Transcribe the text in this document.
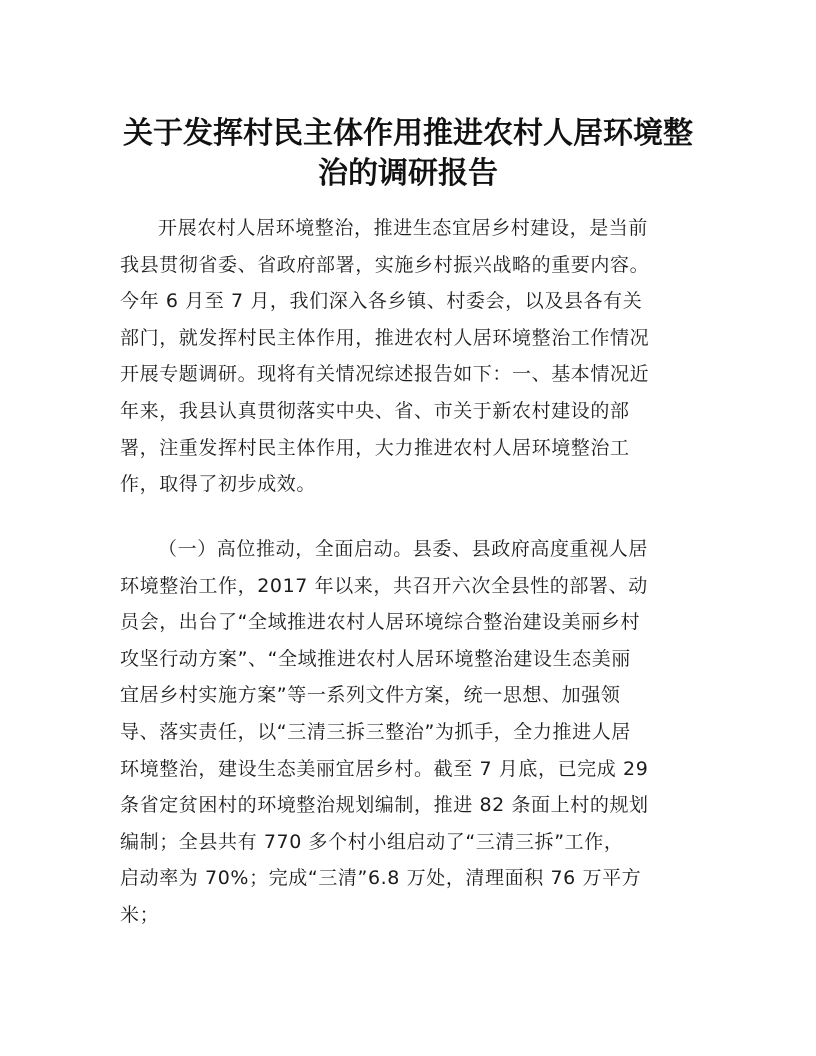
关于发挥村民主体作用推进农村人居环境整
治的调研报告
开展农村人居环境整治，推进生态宜居乡村建设，是当前
我县贯彻省委、省政府部署，实施乡村振兴战略的重要内容。
今年 6 月至 7 月，我们深入各乡镇、村委会，以及县各有关
部门，就发挥村民主体作用，推进农村人居环境整治工作情况
开展专题调研。现将有关情况综述报告如下：一、基本情况近
年来，我县认真贯彻落实中央、省、市关于新农村建设的部
署，注重发挥村民主体作用，大力推进农村人居环境整治工
作，取得了初步成效。
（一）高位推动，全面启动。县委、县政府高度重视人居
环境整治工作，2017 年以来，共召开六次全县性的部署、动
员会，出台了“全域推进农村人居环境综合整治建设美丽乡村
攻坚行动方案”、“全域推进农村人居环境整治建设生态美丽
宜居乡村实施方案”等一系列文件方案，统一思想、加强领
导、落实责任，以“三清三拆三整治”为抓手，全力推进人居
环境整治，建设生态美丽宜居乡村。截至 7 月底，已完成 29
条省定贫困村的环境整治规划编制，推进 82 条面上村的规划
编制；全县共有 770 多个村小组启动了“三清三拆”工作，
启动率为 70%；完成“三清”6.8 万处，清理面积 76 万平方
米；
